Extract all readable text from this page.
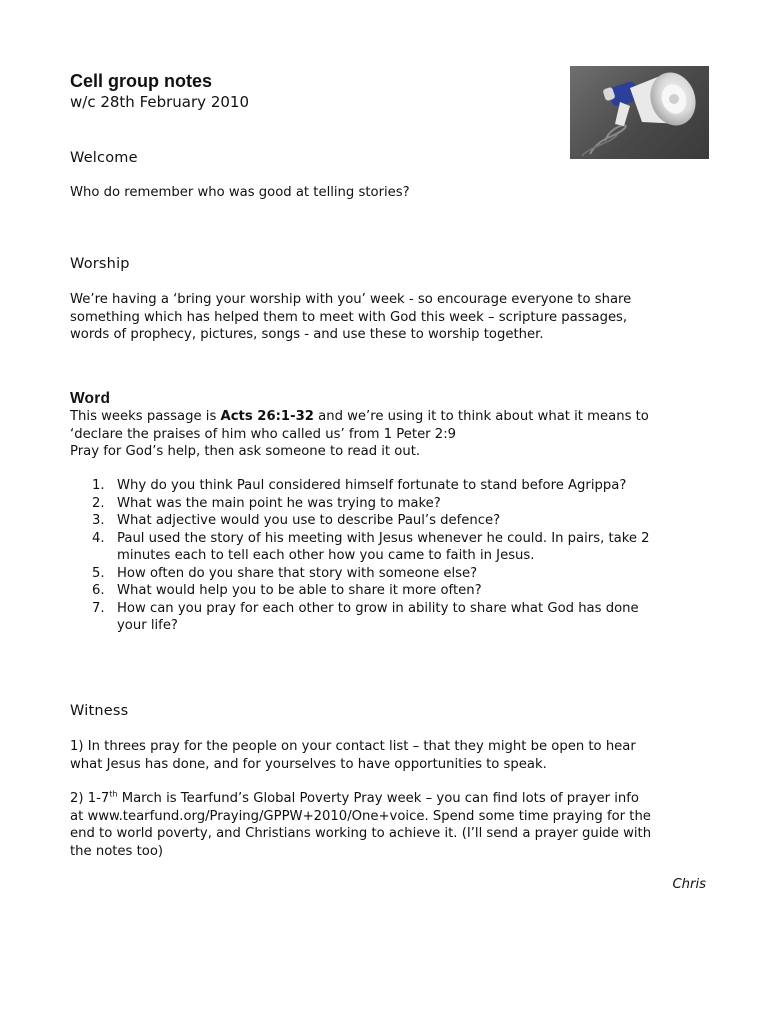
Cell group notes
w/c 28th February 2010
Welcome
Who do remember who was good at telling stories?
Worship
We’re having a ‘bring your worship with you’ week - so encourage everyone to share
something which has helped them to meet with God this week – scripture passages,
words of prophecy, pictures, songs - and use these to worship together.
Word
This weeks passage is Acts 26:1-32 and we’re using it to think about what it means to
‘declare the praises of him who called us’ from 1 Peter 2:9
Pray for God’s help, then ask someone to read it out.
1. Why do you think Paul considered himself fortunate to stand before Agrippa?
2. What was the main point he was trying to make?
3. What adjective would you use to describe Paul’s defence?
4. Paul used the story of his meeting with Jesus whenever he could. In pairs, take 2
minutes each to tell each other how you came to faith in Jesus.
5. How often do you share that story with someone else?
6. What would help you to be able to share it more often?
7. How can you pray for each other to grow in ability to share what God has done
your life?
Witness
1) In threes pray for the people on your contact list – that they might be open to hear
what Jesus has done, and for yourselves to have opportunities to speak.
2) 1-7th March is Tearfund’s Global Poverty Pray week – you can find lots of prayer info
at www.tearfund.org/Praying/GPPW+2010/One+voice. Spend some time praying for the
end to world poverty, and Christians working to achieve it. (I’ll send a prayer guide with
the notes too)
Chris
